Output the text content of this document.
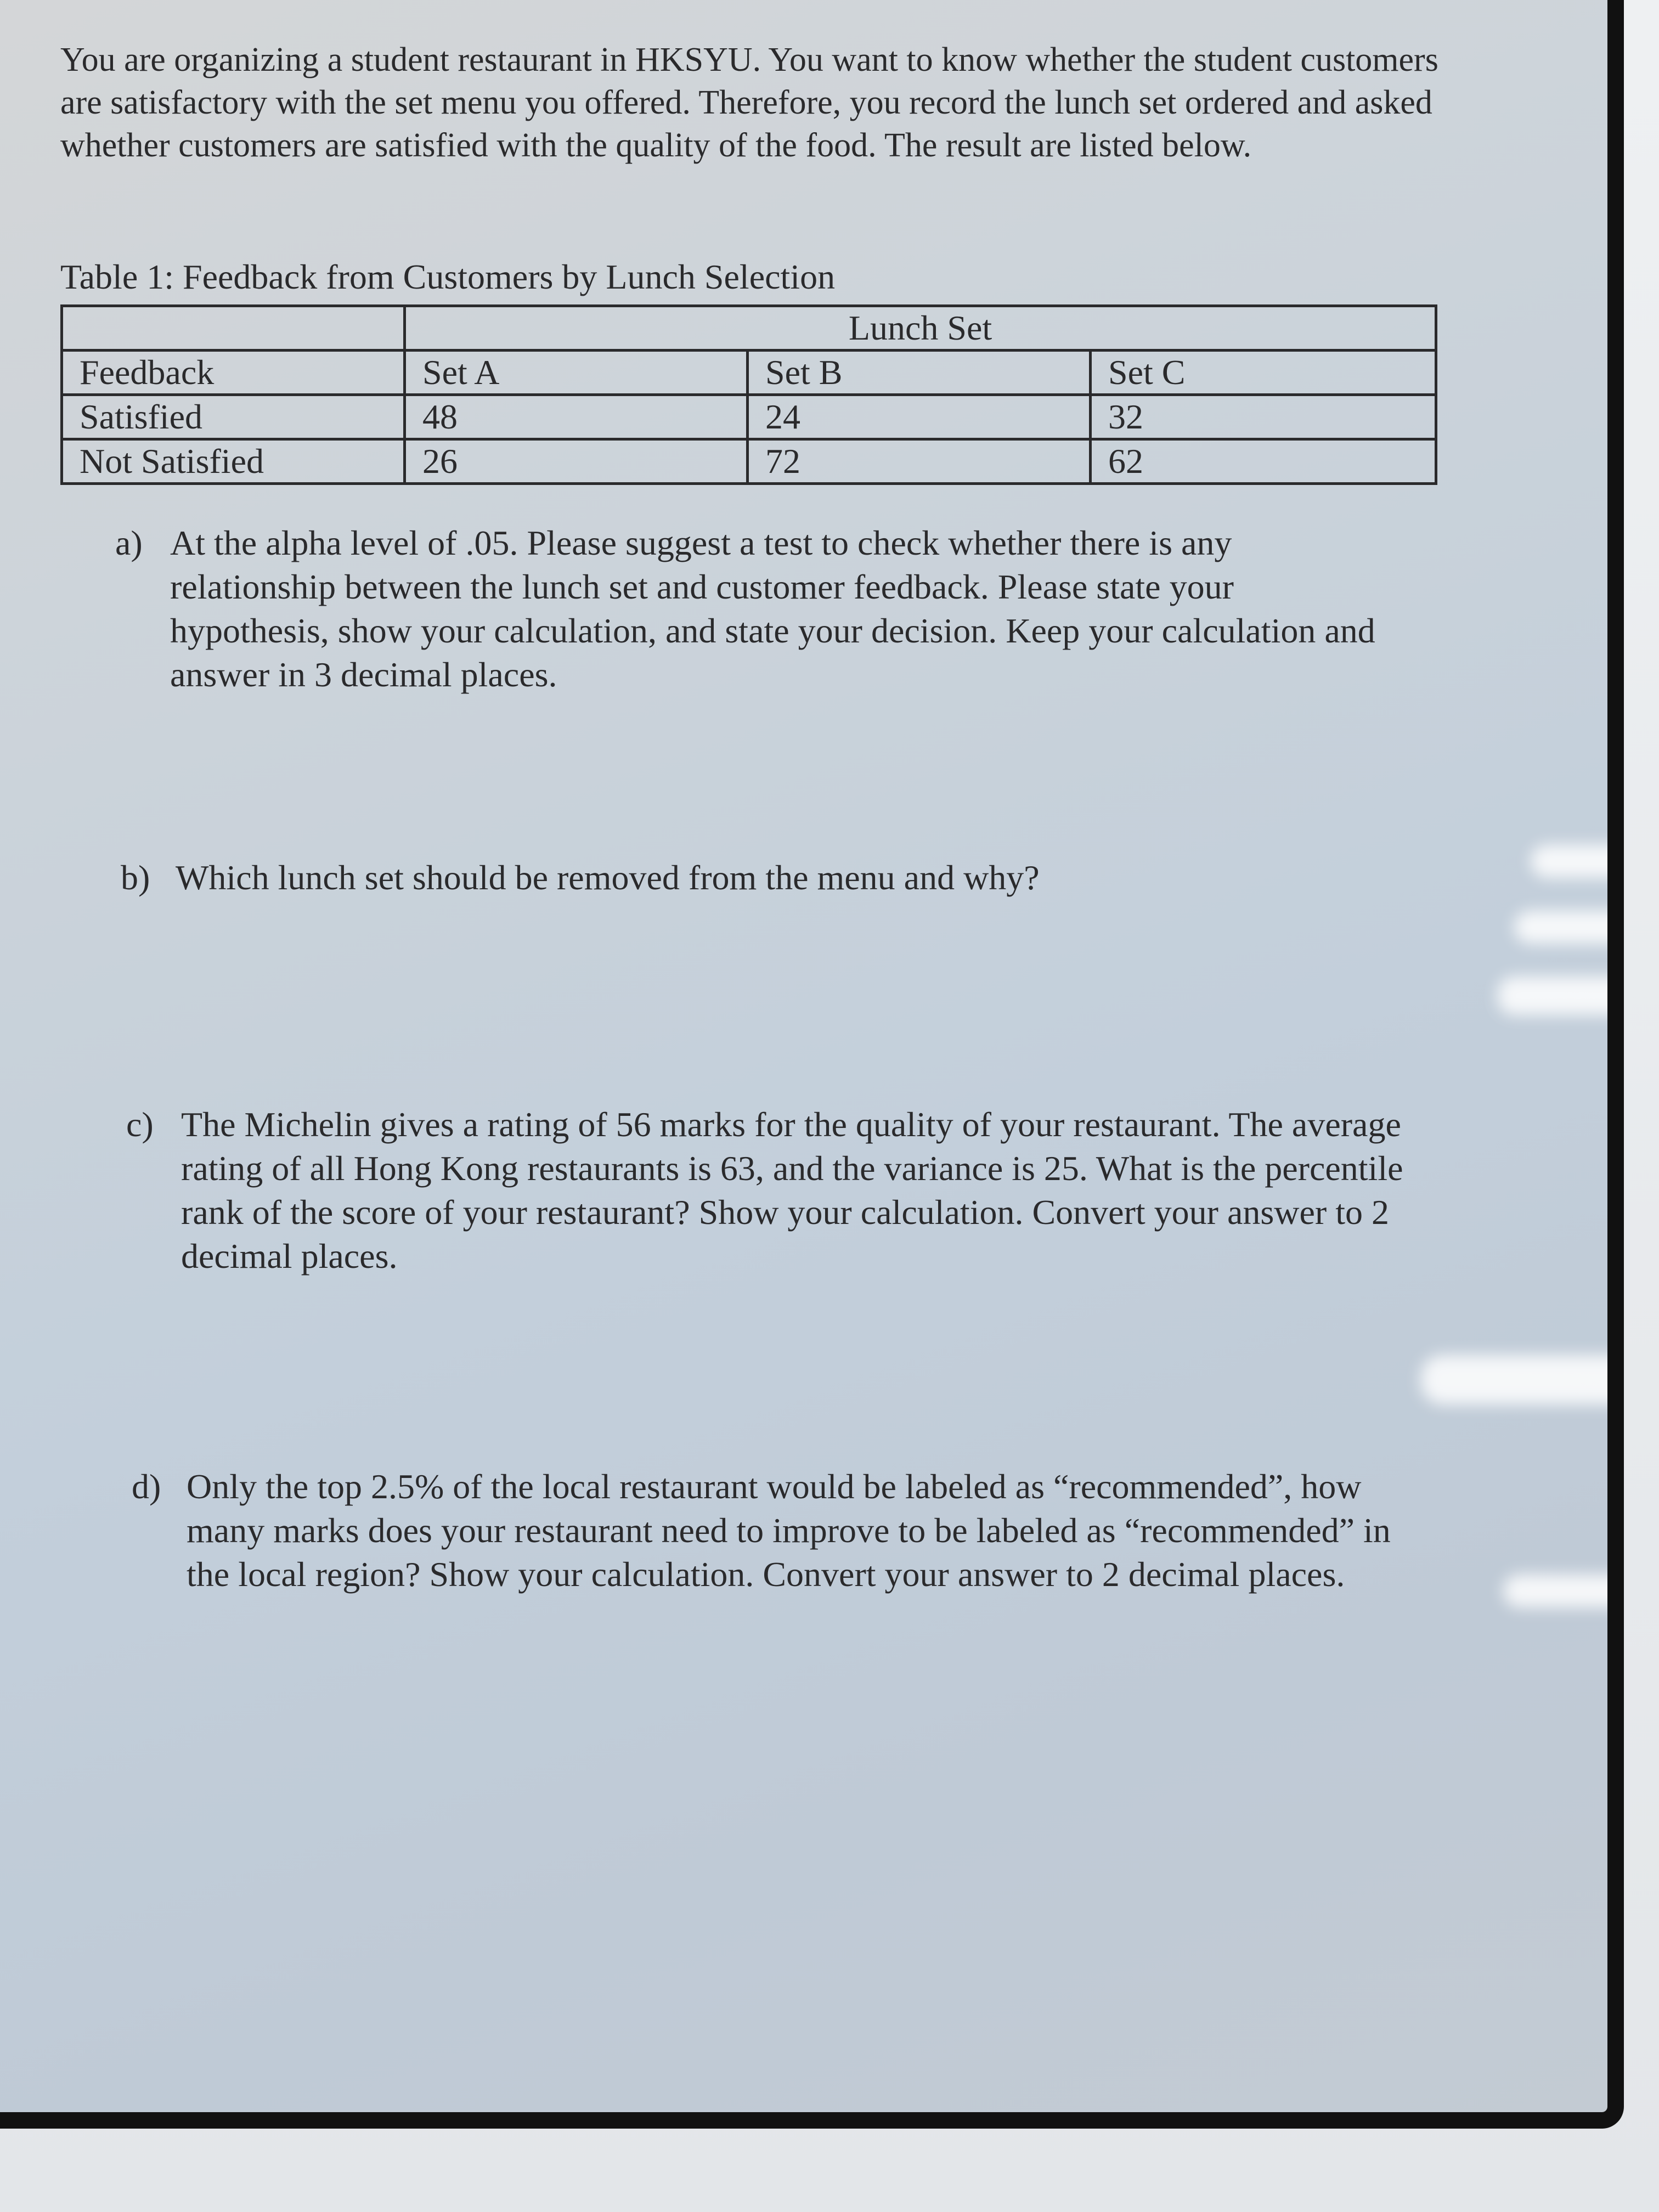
You are organizing a student restaurant in HKSYU. You want to know whether the student customers are satisfactory with the set menu you offered. Therefore, you record the lunch set ordered and asked whether customers are satisfied with the quality of the food. The result are listed below.

Table 1: Feedback from Customers by Lunch Selection
	Lunch Set		
Feedback	Set A	Set B	Set C
Satisfied	48	24	32
Not Satisfied	26	72	62
a) At the alpha level of .05. Please suggest a test to check whether there is any relationship between the lunch set and customer feedback. Please state your hypothesis, show your calculation, and state your decision. Keep your calculation and answer in 3 decimal places.
b) Which lunch set should be removed from the menu and why?
c) The Michelin gives a rating of 56 marks for the quality of your restaurant. The average rating of all Hong Kong restaurants is 63, and the variance is 25. What is the percentile rank of the score of your restaurant? Show your calculation. Convert your answer to 2 decimal places.
d) Only the top 2.5% of the local restaurant would be labeled as “recommended”, how many marks does your restaurant need to improve to be labeled as “recommended” in the local region? Show your calculation. Convert your answer to 2 decimal places.
